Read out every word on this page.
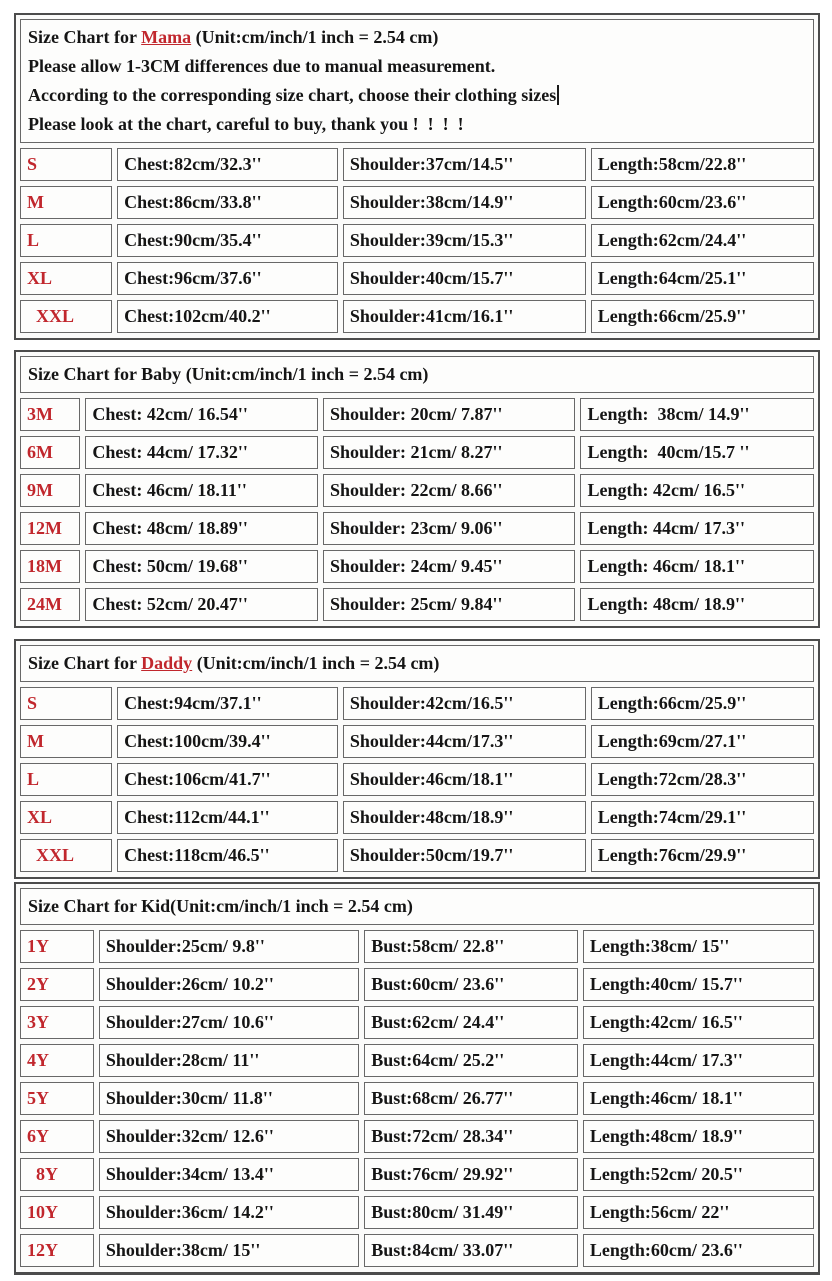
Size Chart for Mama (Unit:cm/inch/1 inch = 2.54 cm)
Please allow 1-3CM differences due to manual measurement.
According to the corresponding size chart, choose their clothing sizes
Please look at the chart, careful to buy, thank you !  !  !  !
S	Chest:82cm/32.3''	Shoulder:37cm/14.5''	Length:58cm/22.8''
M	Chest:86cm/33.8''	Shoulder:38cm/14.9''	Length:60cm/23.6''
L	Chest:90cm/35.4''	Shoulder:39cm/15.3''	Length:62cm/24.4''
XL	Chest:96cm/37.6''	Shoulder:40cm/15.7''	Length:64cm/25.1''
XXL	Chest:102cm/40.2''	Shoulder:41cm/16.1''	Length:66cm/25.9''
Size Chart for Baby (Unit:cm/inch/1 inch = 2.54 cm)
3M	Chest: 42cm/ 16.54''	Shoulder: 20cm/ 7.87''	Length:  38cm/ 14.9''
6M	Chest: 44cm/ 17.32''	Shoulder: 21cm/ 8.27''	Length:  40cm/15.7 ''
9M	Chest: 46cm/ 18.11''	Shoulder: 22cm/ 8.66''	Length: 42cm/ 16.5''
12M	Chest: 48cm/ 18.89''	Shoulder: 23cm/ 9.06''	Length: 44cm/ 17.3''
18M	Chest: 50cm/ 19.68''	Shoulder: 24cm/ 9.45''	Length: 46cm/ 18.1''
24M	Chest: 52cm/ 20.47''	Shoulder: 25cm/ 9.84''	Length: 48cm/ 18.9''
Size Chart for Daddy (Unit:cm/inch/1 inch = 2.54 cm)
S	Chest:94cm/37.1''	Shoulder:42cm/16.5''	Length:66cm/25.9''
M	Chest:100cm/39.4''	Shoulder:44cm/17.3''	Length:69cm/27.1''
L	Chest:106cm/41.7''	Shoulder:46cm/18.1''	Length:72cm/28.3''
XL	Chest:112cm/44.1''	Shoulder:48cm/18.9''	Length:74cm/29.1''
XXL	Chest:118cm/46.5''	Shoulder:50cm/19.7''	Length:76cm/29.9''
Size Chart for Kid(Unit:cm/inch/1 inch = 2.54 cm)
1Y	Shoulder:25cm/ 9.8''	Bust:58cm/ 22.8''	Length:38cm/ 15''
2Y	Shoulder:26cm/ 10.2''	Bust:60cm/ 23.6''	Length:40cm/ 15.7''
3Y	Shoulder:27cm/ 10.6''	Bust:62cm/ 24.4''	Length:42cm/ 16.5''
4Y	Shoulder:28cm/ 11''	Bust:64cm/ 25.2''	Length:44cm/ 17.3''
5Y	Shoulder:30cm/ 11.8''	Bust:68cm/ 26.77''	Length:46cm/ 18.1''
6Y	Shoulder:32cm/ 12.6''	Bust:72cm/ 28.34''	Length:48cm/ 18.9''
8Y	Shoulder:34cm/ 13.4''	Bust:76cm/ 29.92''	Length:52cm/ 20.5''
10Y	Shoulder:36cm/ 14.2''	Bust:80cm/ 31.49''	Length:56cm/ 22''
12Y	Shoulder:38cm/ 15''	Bust:84cm/ 33.07''	Length:60cm/ 23.6''
